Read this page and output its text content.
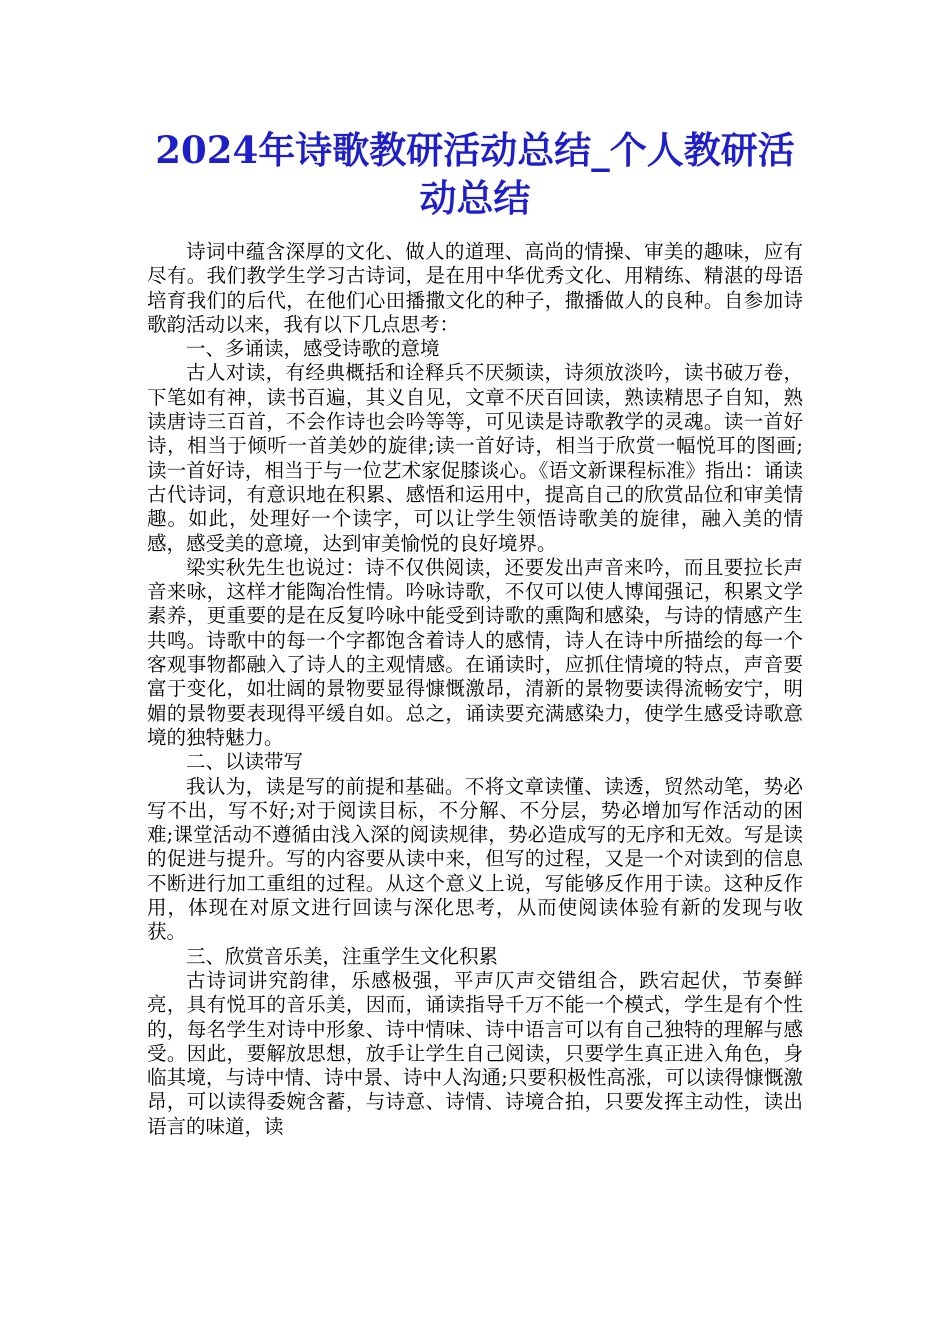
2024年诗歌教研活动总结_个人教研活动总结

诗词中蕴含深厚的文化、做人的道理、高尚的情操、审美的趣味，应有尽有。我们教学生学习古诗词，是在用中华优秀文化、用精练、精湛的母语培育我们的后代，在他们心田播撒文化的种子，撒播做人的良种。自参加诗歌韵活动以来，我有以下几点思考：

一、多诵读，感受诗歌的意境

古人对读，有经典概括和诠释兵不厌频读，诗须放淡吟，读书破万卷，下笔如有神，读书百遍，其义自见，文章不厌百回读，熟读精思子自知，熟读唐诗三百首，不会作诗也会吟等等，可见读是诗歌教学的灵魂。读一首好诗，相当于倾听一首美妙的旋律;读一首好诗，相当于欣赏一幅悦耳的图画;读一首好诗，相当于与一位艺术家促膝谈心。《语文新课程标准》指出：诵读古代诗词，有意识地在积累、感悟和运用中，提高自己的欣赏品位和审美情趣。如此，处理好一个读字，可以让学生领悟诗歌美的旋律，融入美的情感，感受美的意境，达到审美愉悦的良好境界。

梁实秋先生也说过：诗不仅供阅读，还要发出声音来吟，而且要拉长声音来咏，这样才能陶冶性情。吟咏诗歌，不仅可以使人博闻强记，积累文学素养，更重要的是在反复吟咏中能受到诗歌的熏陶和感染，与诗的情感产生共鸣。诗歌中的每一个字都饱含着诗人的感情，诗人在诗中所描绘的每一个客观事物都融入了诗人的主观情感。在诵读时，应抓住情境的特点，声音要富于变化，如壮阔的景物要显得慷慨激昂，清新的景物要读得流畅安宁，明媚的景物要表现得平缓自如。总之，诵读要充满感染力，使学生感受诗歌意境的独特魅力。

二、以读带写

我认为，读是写的前提和基础。不将文章读懂、读透，贸然动笔，势必写不出，写不好;对于阅读目标，不分解、不分层，势必增加写作活动的困难;课堂活动不遵循由浅入深的阅读规律，势必造成写的无序和无效。写是读的促进与提升。写的内容要从读中来，但写的过程，又是一个对读到的信息不断进行加工重组的过程。从这个意义上说，写能够反作用于读。这种反作用，体现在对原文进行回读与深化思考，从而使阅读体验有新的发现与收获。

三、欣赏音乐美，注重学生文化积累

古诗词讲究韵律，乐感极强，平声仄声交错组合，跌宕起伏，节奏鲜亮，具有悦耳的音乐美，因而，诵读指导千万不能一个模式，学生是有个性的，每名学生对诗中形象、诗中情味、诗中语言可以有自己独特的理解与感受。因此，要解放思想，放手让学生自己阅读，只要学生真正进入角色，身临其境，与诗中情、诗中景、诗中人沟通;只要积极性高涨，可以读得慷慨激昂，可以读得委婉含蓄，与诗意、诗情、诗境合拍，只要发挥主动性，读出语言的味道，读
